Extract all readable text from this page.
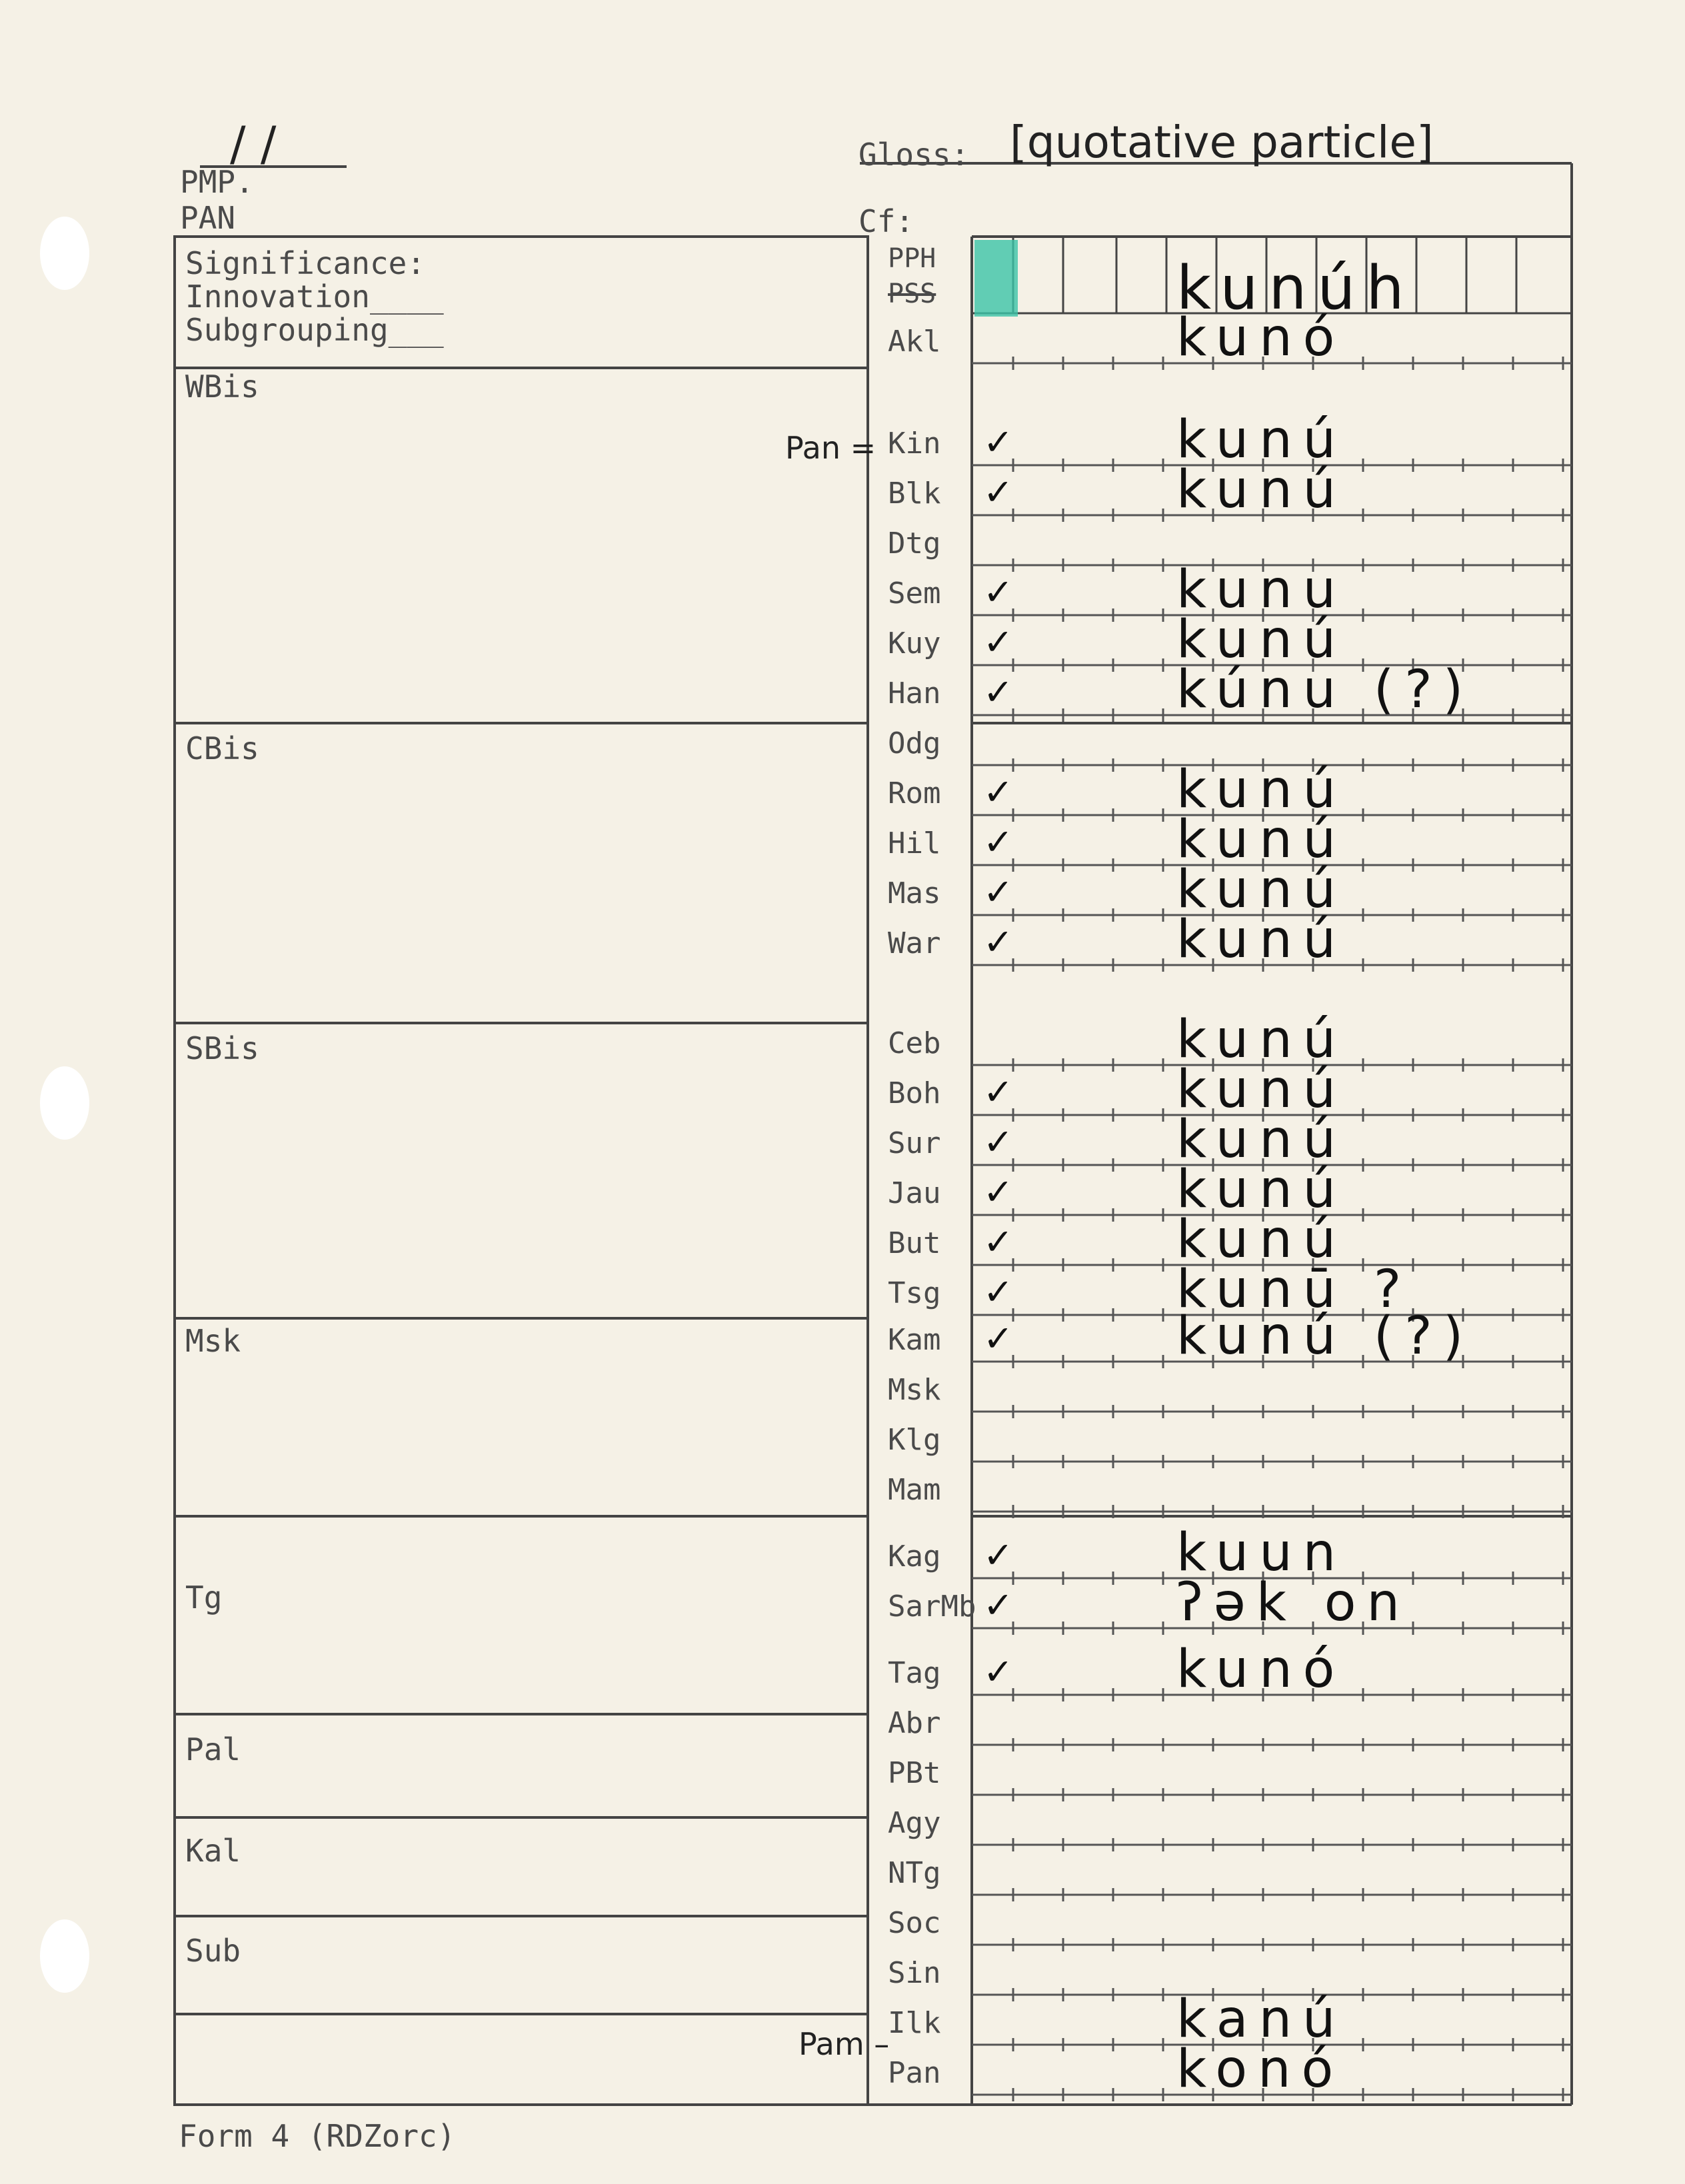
/ /
PMP.
PAN
Gloss: [quotative particle]
Cf:
Significance:
Innovation____
Subgrouping___
WBis
CBis
SBis
Msk
Tg
Pal
Kal
Sub
Pan =
Pam –
PPH
PSS	kunúh
Akl	kunó
Kin	✓	kunú
Blk	✓	kunú
Dtg
Sem	✓	kunu
Kuy	✓	kunú
Han	✓	kúnu (?)
Odg
Rom	✓	kunú
Hil	✓	kunú
Mas	✓	kunú
War	✓	kunú
Ceb	kunú
Boh	✓	kunú
Sur	✓	kunú
Jau	✓	kunú
But	✓	kunú
Tsg	✓	kunū ?
Kam	✓	kunú (?)
Msk
Klg
Mam
Kag	✓	kuun
SarMb ✓	ʔək on
Tag	✓	kunó
Abr
PBt
Agy
NTg
Soc
Sin
Ilk	kanú
Pan	konó
Form 4 (RDZorc)
